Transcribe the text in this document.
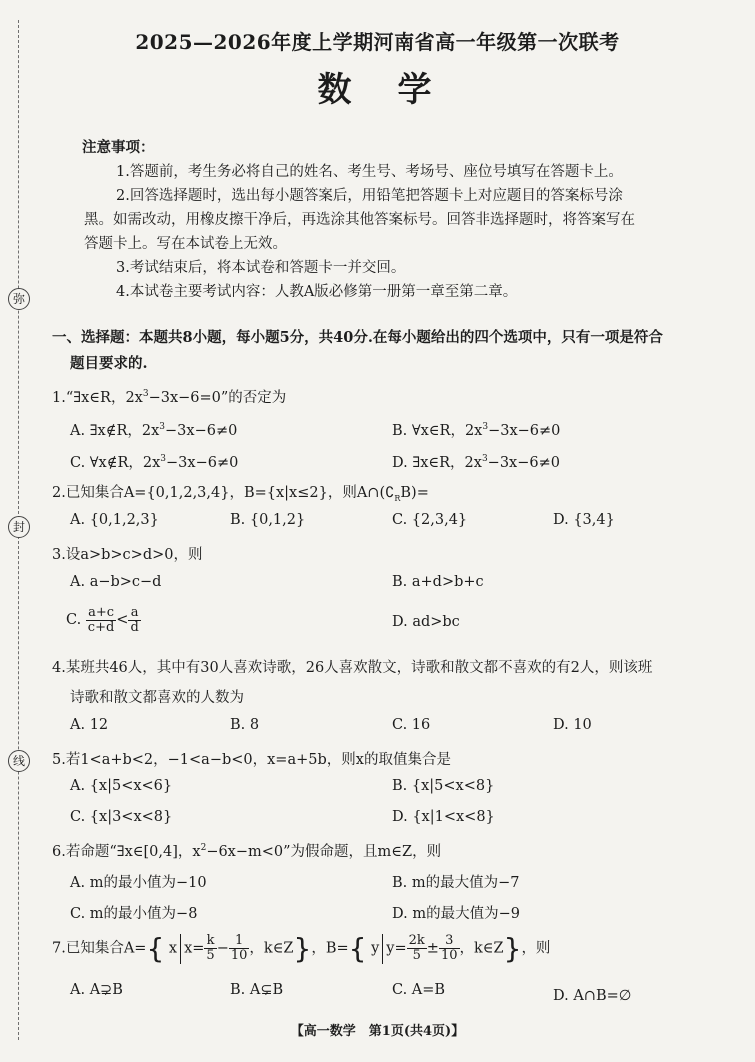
弥
封
线
2025—2026年度上学期河南省高一年级第一次联考
数　学
注意事项：
1.答题前，考生务必将自己的姓名、考生号、考场号、座位号填写在答题卡上。
2.回答选择题时，选出每小题答案后，用铅笔把答题卡上对应题目的答案标号涂
黑。如需改动，用橡皮擦干净后，再选涂其他答案标号。回答非选择题时，将答案写在
答题卡上。写在本试卷上无效。
3.考试结束后，将本试卷和答题卡一并交回。
4.本试卷主要考试内容：人教A版必修第一册第一章至第二章。
一、选择题：本题共8小题，每小题5分，共40分.在每小题给出的四个选项中，只有一项是符合
题目要求的.
1.“∃x∈R，$2x^3-3x-6=0$”的否定为
A. ∃x∉R，$2x^3-3x-6\ne 0$	B. ∀x∈R，$2x^3-3x-6\ne 0$
C. ∀x∉R，$2x^3-3x-6\ne 0$	D. ∃x∈R，$2x^3-3x-6\ne 0$
2.已知集合A={0,1,2,3,4}，B={x|x≤2}，则$A\cap(∁_RB)=$
A. {0,1,2,3}	B. {0,1,2}	C. {2,3,4}	D. {3,4}
3.设a>b>c>d>0，则
A. a−b>c−d	B. a+d>b+c
C. $\frac{a+c}{c+d} < \frac{a}{d}$	D. ad>bc
4.某班共46人，其中有30人喜欢诗歌，26人喜欢散文，诗歌和散文都不喜欢的有2人，则该班
诗歌和散文都喜欢的人数为
A. 12	B. 8	C. 16	D. 10
5.若1<a+b<2，−1<a−b<0，x=a+5b，则x的取值集合是
A. {x|5<x<6}	B. {x|5<x<8}
C. {x|3<x<8}	D. {x|1<x<8}
6.若命题“∃x∈[0,4]，$x^2-6x-m<0$”为假命题，且m∈Z，则
A. m的最小值为−10	B. m的最大值为−7
C. m的最小值为−8	D. m的最大值为−9
7.已知集合A={ x $x= \frac{k}{5} - \frac{1}{10}$ ，k∈Z}，B={ y $y= \frac{2k}{5} \pm \frac{3}{10}$ ，k∈Z}，则
A. A⊋B	B. A⊊B	C. A=B	D. A∩B=∅
【高一数学　第1页(共4页)】
